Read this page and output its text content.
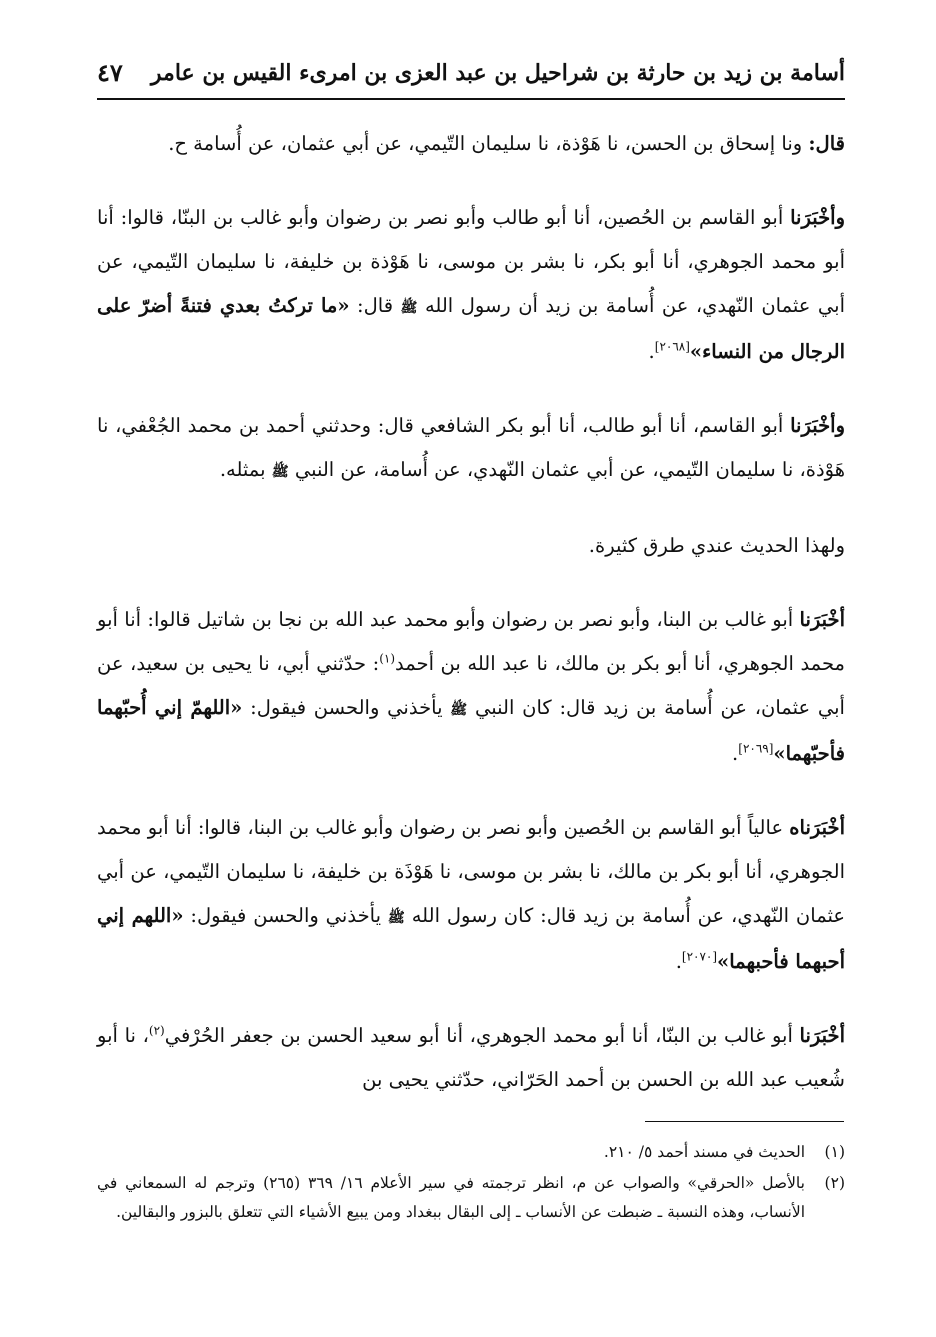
أسامة بن زيد بن حارثة بن شراحيل بن عبد العزى بن امرىء القيس بن عامر
٤٧

قال: ونا إسحاق بن الحسن، نا هَوْذة، نا سليمان التّيمي، عن أبي عثمان، عن أُسامة ح.

وأخْبَرَنا أبو القاسم بن الحُصين، أنا أبو طالب وأبو نصر بن رضوان وأبو غالب بن البنّا، قالوا: أنا أبو محمد الجوهري، أنا أبو بكر، نا بشر بن موسى، نا هَوْذة بن خليفة، نا سليمان التّيمي، عن أبي عثمان النّهدي، عن أُسامة بن زيد أن رسول الله ﷺ قال: «ما تركتُ بعدي فتنةً أضرّ على الرجال من النساء»[٢٠٦٨].

وأخْبَرَنا أبو القاسم، أنا أبو طالب، أنا أبو بكر الشافعي قال: وحدثني أحمد بن محمد الجُعْفي، نا هَوْذة، نا سليمان التّيمي، عن أبي عثمان النّهدي، عن أُسامة، عن النبي ﷺ بمثله.

ولهذا الحديث عندي طرق كثيرة.

أخْبَرَنا أبو غالب بن البنا، وأبو نصر بن رضوان وأبو محمد عبد الله بن نجا بن شاتيل قالوا: أنا أبو محمد الجوهري، أنا أبو بكر بن مالك، نا عبد الله بن أحمد$^{(١)}$: حدّثني أبي، نا يحيى بن سعيد، عن أبي عثمان، عن أُسامة بن زيد قال: كان النبي ﷺ يأخذني والحسن فيقول: «اللهمّ إني أُحبّهما فأحبّهما»[٢٠٦٩].

أخْبَرَناه عالياً أبو القاسم بن الحُصين وأبو نصر بن رضوان وأبو غالب بن البنا، قالوا: أنا أبو محمد الجوهري، أنا أبو بكر بن مالك، نا بشر بن موسى، نا هَوْذَة بن خليفة، نا سليمان التّيمي، عن أبي عثمان النّهدي، عن أُسامة بن زيد قال: كان رسول الله ﷺ يأخذني والحسن فيقول: «اللهم إني أحبهما فأحبهما»[٢٠٧٠].

أخْبَرَنا أبو غالب بن البنّا، أنا أبو محمد الجوهري، أنا أبو سعيد الحسن بن جعفر الحُرْفي$^{(٢)}$، نا أبو شُعيب عبد الله بن الحسن بن أحمد الحَرّاني، حدّثني يحيى بن

(١)
الحديث في مسند أحمد ٥/ ٢١٠.
(٢)
بالأصل «الحرقي» والصواب عن م، انظر ترجمته في سير الأعلام ١٦/ ٣٦٩ (٢٦٥) وترجم له السمعاني في الأنساب، وهذه النسبة ـ ضبطت عن الأنساب ـ إلى البقال ببغداد ومن يبيع الأشياء التي تتعلق بالبزور والبقالين.
